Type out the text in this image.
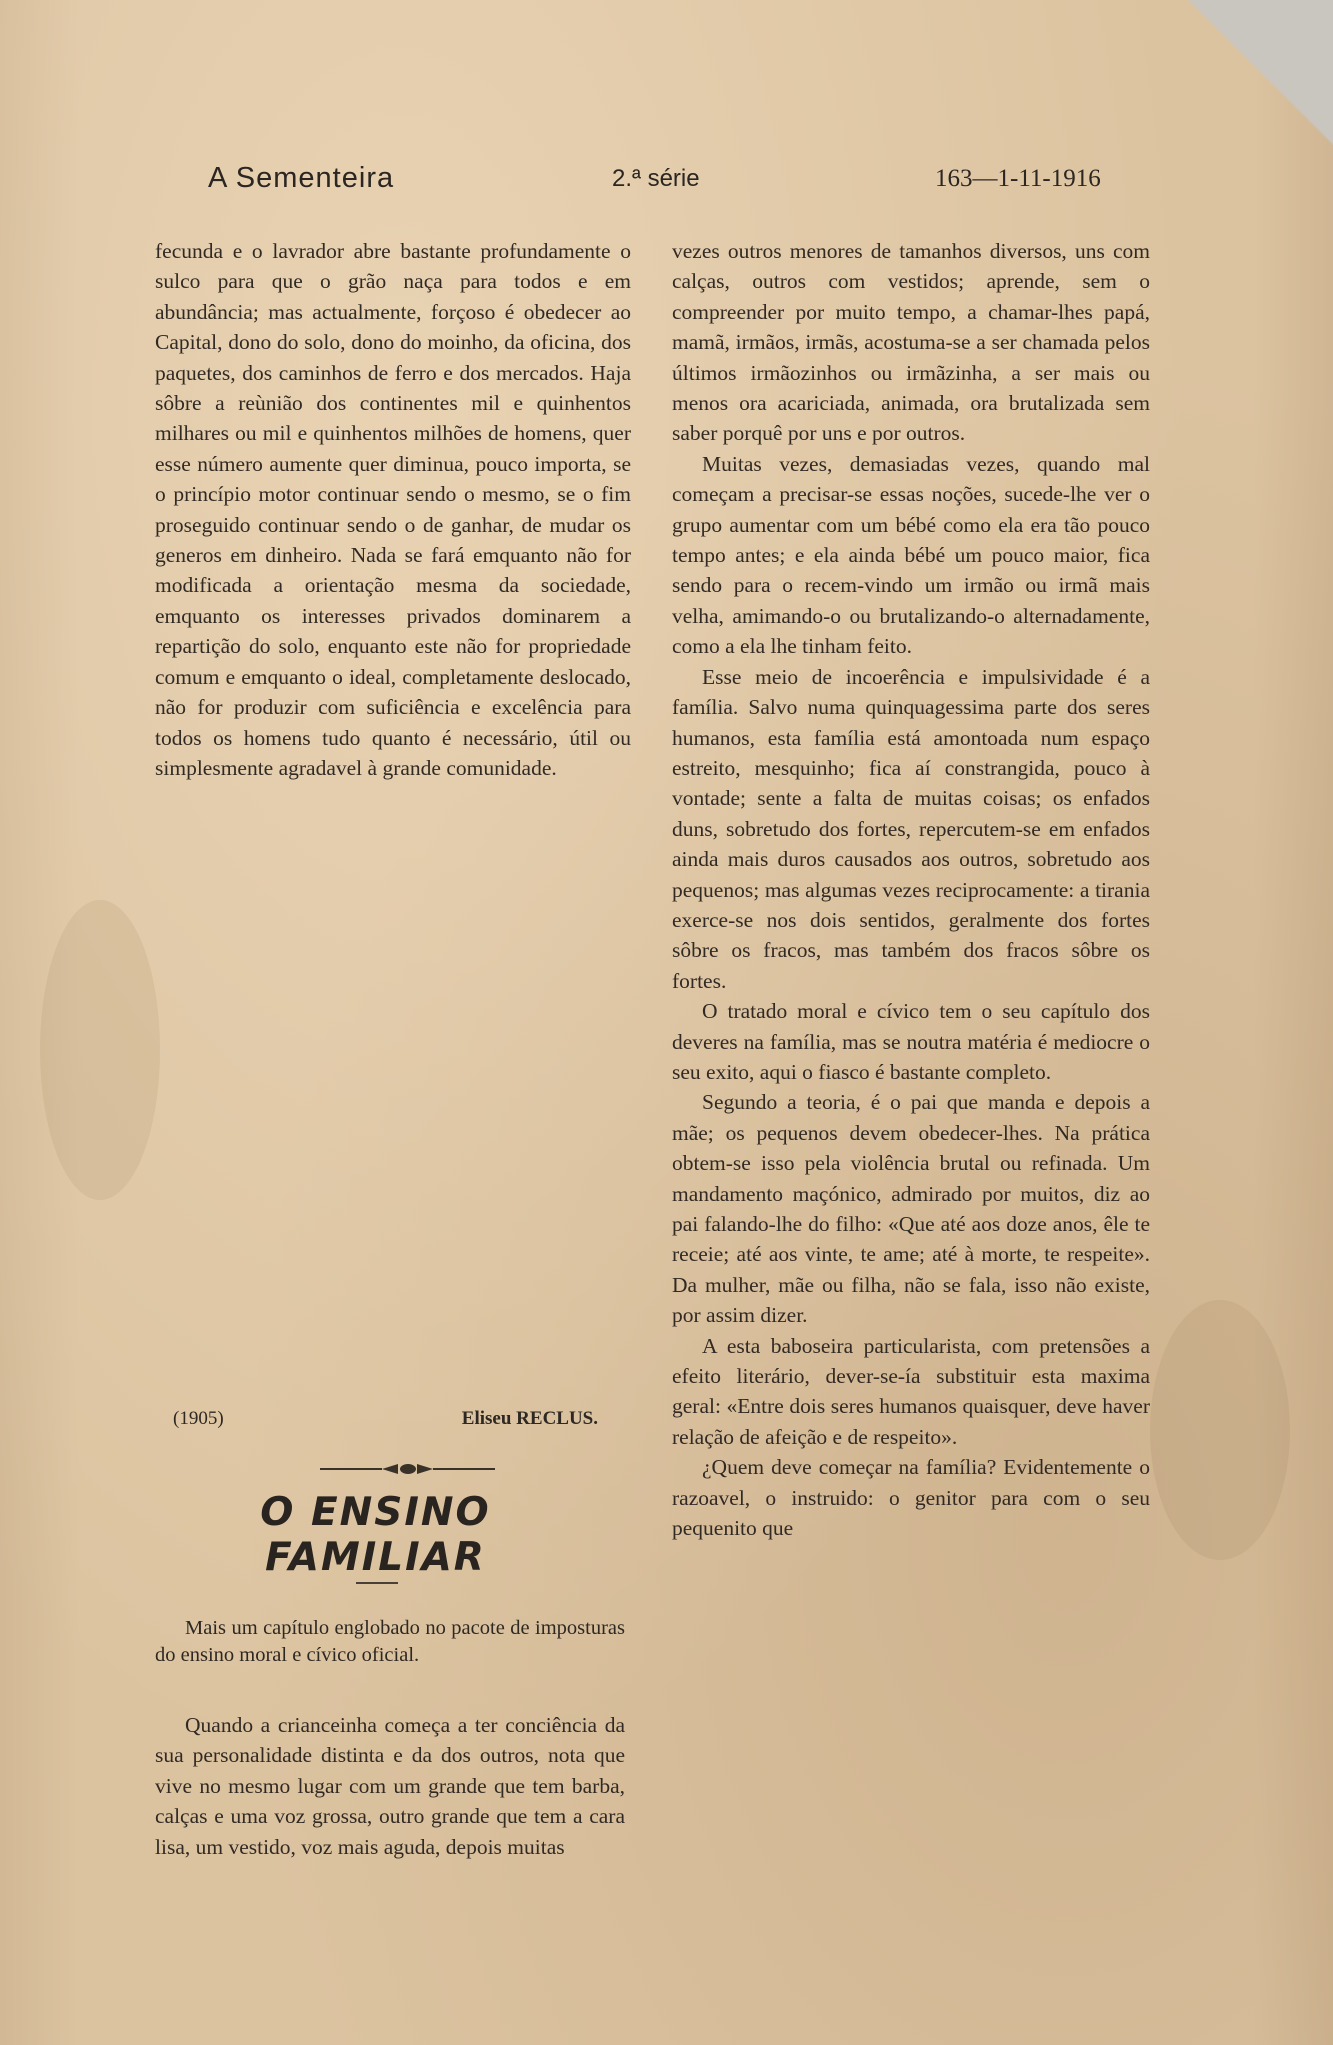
A Sementeira	2.ª série	163—1-11-1916

fecunda e o lavrador abre bastante profundamente o sulco para que o grão naça para todos e em abundância; mas actualmente, forçoso é obedecer ao Capital, dono do solo, dono do moinho, da oficina, dos paquetes, dos caminhos de ferro e dos mercados. Haja sôbre a reùnião dos continentes mil e quinhentos milhares ou mil e quinhentos milhões de homens, quer esse número aumente quer diminua, pouco importa, se o princípio motor continuar sendo o mesmo, se o fim proseguido continuar sendo o de ganhar, de mudar os generos em dinheiro. Nada se fará emquanto não for modificada a orientação mesma da sociedade, emquanto os interesses privados dominarem a repartição do solo, enquanto este não for propriedade comum e emquanto o ideal, completamente deslocado, não for produzir com suficiência e excelência para todos os homens tudo quanto é necessário, útil ou simplesmente agradavel à grande comunidade.

(1905)	Eliseu RECLUS.
O ENSINO FAMILIAR
Mais um capítulo englobado no pacote de imposturas do ensino moral e cívico oficial.

Quando a crianceinha começa a ter conciência da sua personalidade distinta e da dos outros, nota que vive no mesmo lugar com um grande que tem barba, calças e uma voz grossa, outro grande que tem a cara lisa, um vestido, voz mais aguda, depois muitas

vezes outros menores de tamanhos diversos, uns com calças, outros com vestidos; aprende, sem o compreender por muito tempo, a chamar-lhes papá, mamã, irmãos, irmãs, acostuma-se a ser chamada pelos últimos irmãozinhos ou irmãzinha, a ser mais ou menos ora acariciada, animada, ora brutalizada sem saber porquê por uns e por outros.

Muitas vezes, demasiadas vezes, quando mal começam a precisar-se essas noções, sucede-lhe ver o grupo aumentar com um bébé como ela era tão pouco tempo antes; e ela ainda bébé um pouco maior, fica sendo para o recem-vindo um irmão ou irmã mais velha, amimando-o ou brutalizando-o alternadamente, como a ela lhe tinham feito.

Esse meio de incoerência e impulsividade é a família. Salvo numa quinquagessima parte dos seres humanos, esta família está amontoada num espaço estreito, mesquinho; fica aí constrangida, pouco à vontade; sente a falta de muitas coisas; os enfados duns, sobretudo dos fortes, repercutem-se em enfados ainda mais duros causados aos outros, sobretudo aos pequenos; mas algumas vezes reciprocamente: a tirania exerce-se nos dois sentidos, geralmente dos fortes sôbre os fracos, mas também dos fracos sôbre os fortes.

O tratado moral e cívico tem o seu capítulo dos deveres na família, mas se noutra matéria é mediocre o seu exito, aqui o fiasco é bastante completo.

Segundo a teoria, é o pai que manda e depois a mãe; os pequenos devem obedecer-lhes. Na prática obtem-se isso pela violência brutal ou refinada. Um mandamento maçónico, admirado por muitos, diz ao pai falando-lhe do filho: «Que até aos doze anos, êle te receie; até aos vinte, te ame; até à morte, te respeite». Da mulher, mãe ou filha, não se fala, isso não existe, por assim dizer.

A esta baboseira particularista, com pretensões a efeito literário, dever-se-ía substituir esta maxima geral: «Entre dois seres humanos quaisquer, deve haver relação de afeição e de respeito».

¿Quem deve começar na família? Evidentemente o razoavel, o instruido: o genitor para com o seu pequenito que
